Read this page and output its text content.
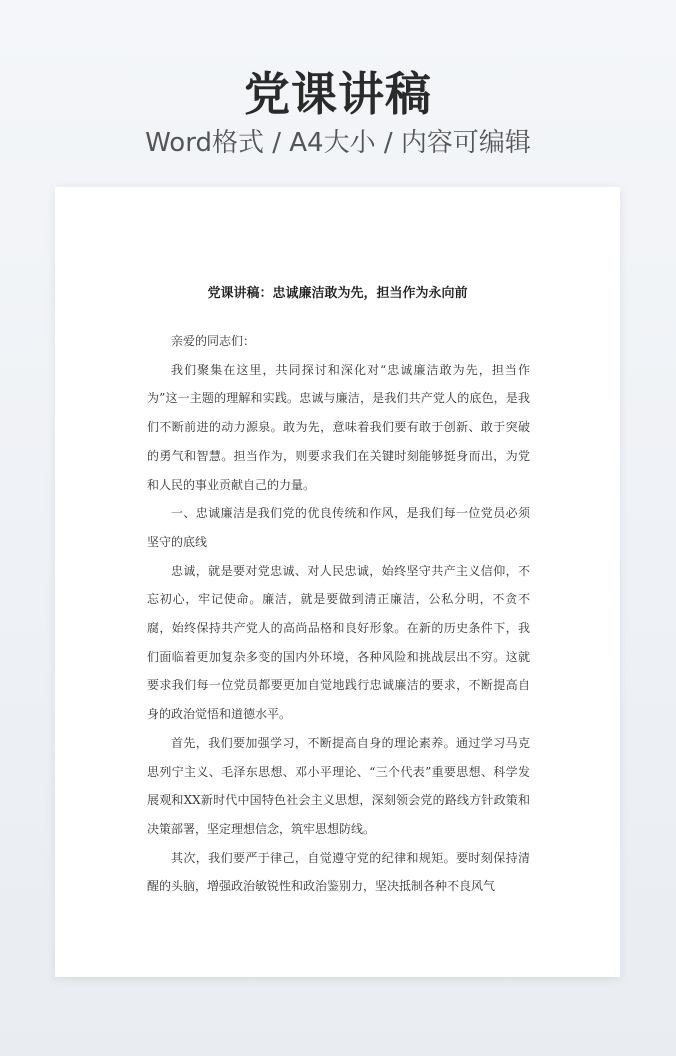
党课讲稿
Word格式 / A4大小 / 内容可编辑
党课讲稿：忠诚廉洁敢为先，担当作为永向前

亲爱的同志们：

我们聚集在这里，共同探讨和深化对“忠诚廉洁敢为先，担当作为”这一主题的理解和实践。忠诚与廉洁，是我们共产党人的底色，是我们不断前进的动力源泉。敢为先，意味着我们要有敢于创新、敢于突破的勇气和智慧。担当作为，则要求我们在关键时刻能够挺身而出，为党和人民的事业贡献自己的力量。

一、忠诚廉洁是我们党的优良传统和作风，是我们每一位党员必须坚守的底线

忠诚，就是要对党忠诚、对人民忠诚，始终坚守共产主义信仰，不忘初心，牢记使命。廉洁，就是要做到清正廉洁，公私分明，不贪不腐，始终保持共产党人的高尚品格和良好形象。在新的历史条件下，我们面临着更加复杂多变的国内外环境，各种风险和挑战层出不穷。这就要求我们每一位党员都要更加自觉地践行忠诚廉洁的要求，不断提高自身的政治觉悟和道德水平。

首先，我们要加强学习，不断提高自身的理论素养。通过学习马克思列宁主义、毛泽东思想、邓小平理论、“三个代表”重要思想、科学发展观和XX新时代中国特色社会主义思想，深刻领会党的路线方针政策和决策部署，坚定理想信念，筑牢思想防线。

其次，我们要严于律己，自觉遵守党的纪律和规矩。要时刻保持清醒的头脑，增强政治敏锐性和政治鉴别力，坚决抵制各种不良风气
